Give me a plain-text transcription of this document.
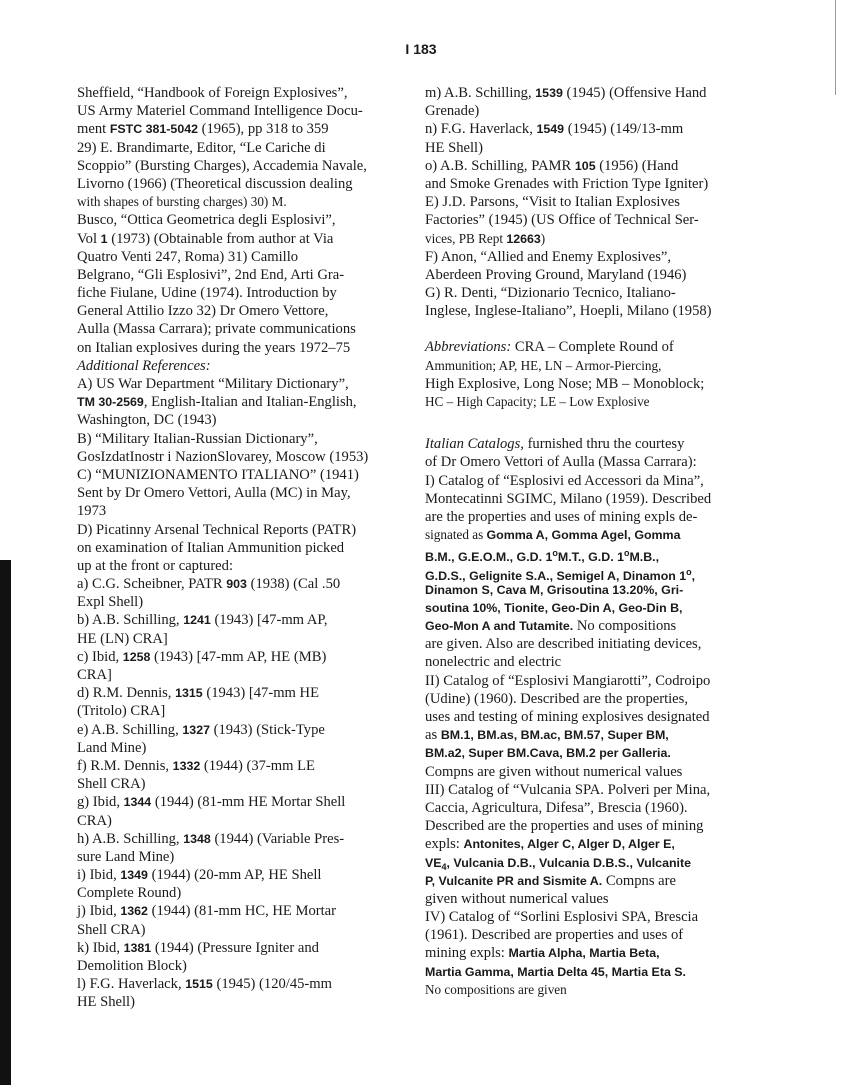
I 183
Sheffield, “Handbook of Foreign Explosives”,
US Army Materiel Command Intelligence Docu-
ment FSTC 381-5042 (1965), pp 318 to 359
29) E. Brandimarte, Editor, “Le Cariche di
Scoppio” (Bursting Charges), Accademia Navale,
Livorno (1966) (Theoretical discussion dealing
with shapes of bursting charges) 30) M.
Busco, “Ottica Geometrica degli Esplosivi”,
Vol 1 (1973) (Obtainable from author at Via
Quatro Venti 247, Roma) 31) Camillo
Belgrano, “Gli Esplosivi”, 2nd End, Arti Gra-
fiche Fiulane, Udine (1974). Introduction by
General Attilio Izzo 32) Dr Omero Vettore,
Aulla (Massa Carrara); private communications
on Italian explosives during the years 1972–75
Additional References:
A) US War Department “Military Dictionary”,
TM 30-2569, English-Italian and Italian-English,
Washington, DC (1943)
B) “Military Italian-Russian Dictionary”,
GosIzdatInostr i NazionSlovarey, Moscow (1953)
C) “MUNIZIONAMENTO ITALIANO” (1941)
Sent by Dr Omero Vettori, Aulla (MC) in May,
1973
D) Picatinny Arsenal Technical Reports (PATR)
on examination of Italian Ammunition picked
up at the front or captured:
a) C.G. Scheibner, PATR 903 (1938) (Cal .50
Expl Shell)
b) A.B. Schilling, 1241 (1943) [47-mm AP,
HE (LN) CRA]
c) Ibid, 1258 (1943) [47-mm AP, HE (MB)
CRA]
d) R.M. Dennis, 1315 (1943) [47-mm HE
(Tritolo) CRA]
e) A.B. Schilling, 1327 (1943) (Stick-Type
Land Mine)
f) R.M. Dennis, 1332 (1944) (37-mm LE
Shell CRA)
g) Ibid, 1344 (1944) (81-mm HE Mortar Shell
CRA)
h) A.B. Schilling, 1348 (1944) (Variable Pres-
sure Land Mine)
i) Ibid, 1349 (1944) (20-mm AP, HE Shell
Complete Round)
j) Ibid, 1362 (1944) (81-mm HC, HE Mortar
Shell CRA)
k) Ibid, 1381 (1944) (Pressure Igniter and
Demolition Block)
l) F.G. Haverlack, 1515 (1945) (120/45-mm
HE Shell)
m) A.B. Schilling, 1539 (1945) (Offensive Hand
Grenade)
n) F.G. Haverlack, 1549 (1945) (149/13-mm
HE Shell)
o) A.B. Schilling, PAMR 105 (1956) (Hand
and Smoke Grenades with Friction Type Igniter)
E) J.D. Parsons, “Visit to Italian Explosives
Factories” (1945) (US Office of Technical Ser-
vices, PB Rept 12663)
F) Anon, “Allied and Enemy Explosives”,
Aberdeen Proving Ground, Maryland (1946)
G) R. Denti, “Dizionario Tecnico, Italiano-
Inglese, Inglese-Italiano”, Hoepli, Milano (1958)
Abbreviations: CRA – Complete Round of
Ammunition; AP, HE, LN – Armor-Piercing,
High Explosive, Long Nose; MB – Monoblock;
HC – High Capacity; LE – Low Explosive
Italian Catalogs, furnished thru the courtesy
of Dr Omero Vettori of Aulla (Massa Carrara):
I) Catalog of “Esplosivi ed Accessori da Mina”,
Montecatinni SGIMC, Milano (1959). Described
are the properties and uses of mining expls de-
signated as Gomma A, Gomma Agel, Gomma
B.M., G.E.O.M., G.D. 1$^o$M.T., G.D. 1$^o$M.B.,
G.D.S., Gelignite S.A., Semigel A, Dinamon 1$^o$,
Dinamon S, Cava M, Grisoutina 13.20%, Gri-
soutina 10%, Tionite, Geo-Din A, Geo-Din B,
Geo-Mon A and Tutamite. No compositions
are given. Also are described initiating devices,
nonelectric and electric
II) Catalog of “Esplosivi Mangiarotti”, Codroipo
(Udine) (1960). Described are the properties,
uses and testing of mining explosives designated
as BM.1, BM.as, BM.ac, BM.57, Super BM,
BM.a2, Super BM.Cava, BM.2 per Galleria.
Compns are given without numerical values
III) Catalog of “Vulcania SPA. Polveri per Mina,
Caccia, Agricultura, Difesa”, Brescia (1960).
Described are the properties and uses of mining
expls: Antonites, Alger C, Alger D, Alger E,
$VE_4$, Vulcania D.B., Vulcania D.B.S., Vulcanite
P, Vulcanite PR and Sismite A. Compns are
given without numerical values
IV) Catalog of “Sorlini Esplosivi SPA, Brescia
(1961). Described are properties and uses of
mining expls: Martia Alpha, Martia Beta,
Martia Gamma, Martia Delta 45, Martia Eta S.
No compositions are given
